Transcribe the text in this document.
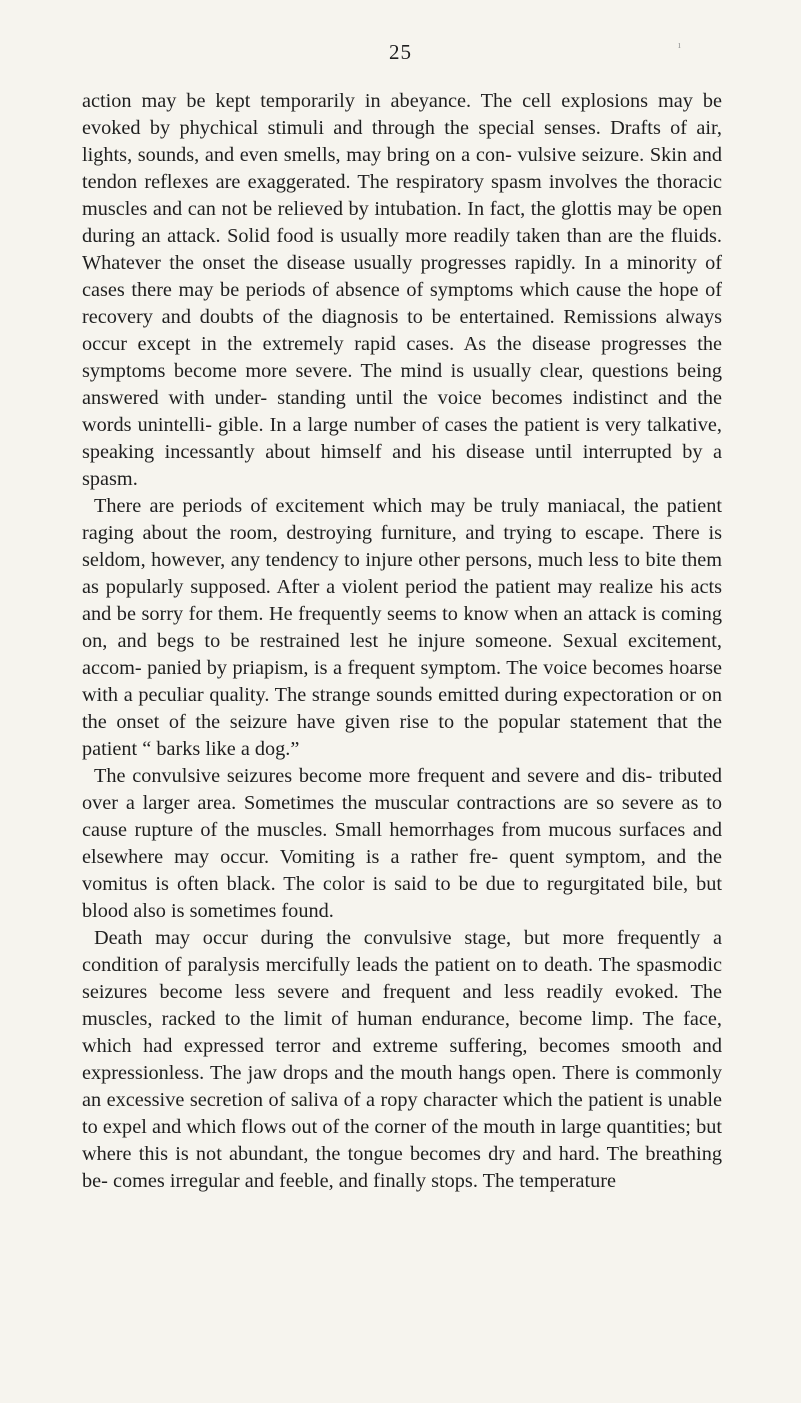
25	ı

action may be kept temporarily in abeyance. The cell explosions may be evoked by phychical stimuli and through the special senses. Drafts of air, lights, sounds, and even smells, may bring on a con- vulsive seizure. Skin and tendon reflexes are exaggerated. The respiratory spasm involves the thoracic muscles and can not be relieved by intubation. In fact, the glottis may be open during an attack. Solid food is usually more readily taken than are the fluids. Whatever the onset the disease usually progresses rapidly. In a minority of cases there may be periods of absence of symptoms which cause the hope of recovery and doubts of the diagnosis to be entertained. Remissions always occur except in the extremely rapid cases. As the disease progresses the symptoms become more severe. The mind is usually clear, questions being answered with under- standing until the voice becomes indistinct and the words unintelli- gible. In a large number of cases the patient is very talkative, speaking incessantly about himself and his disease until interrupted by a spasm.

There are periods of excitement which may be truly maniacal, the patient raging about the room, destroying furniture, and trying to escape. There is seldom, however, any tendency to injure other persons, much less to bite them as popularly supposed. After a violent period the patient may realize his acts and be sorry for them. He frequently seems to know when an attack is coming on, and begs to be restrained lest he injure someone. Sexual excitement, accom- panied by priapism, is a frequent symptom. The voice becomes hoarse with a peculiar quality. The strange sounds emitted during expectoration or on the onset of the seizure have given rise to the popular statement that the patient “ barks like a dog.”

The convulsive seizures become more frequent and severe and dis- tributed over a larger area. Sometimes the muscular contractions are so severe as to cause rupture of the muscles. Small hemorrhages from mucous surfaces and elsewhere may occur. Vomiting is a rather fre- quent symptom, and the vomitus is often black. The color is said to be due to regurgitated bile, but blood also is sometimes found.

Death may occur during the convulsive stage, but more frequently a condition of paralysis mercifully leads the patient on to death. The spasmodic seizures become less severe and frequent and less readily evoked. The muscles, racked to the limit of human endurance, become limp. The face, which had expressed terror and extreme suffering, becomes smooth and expressionless. The jaw drops and the mouth hangs open. There is commonly an excessive secretion of saliva of a ropy character which the patient is unable to expel and which flows out of the corner of the mouth in large quantities; but where this is not abundant, the tongue becomes dry and hard. The breathing be- comes irregular and feeble, and finally stops. The temperature
